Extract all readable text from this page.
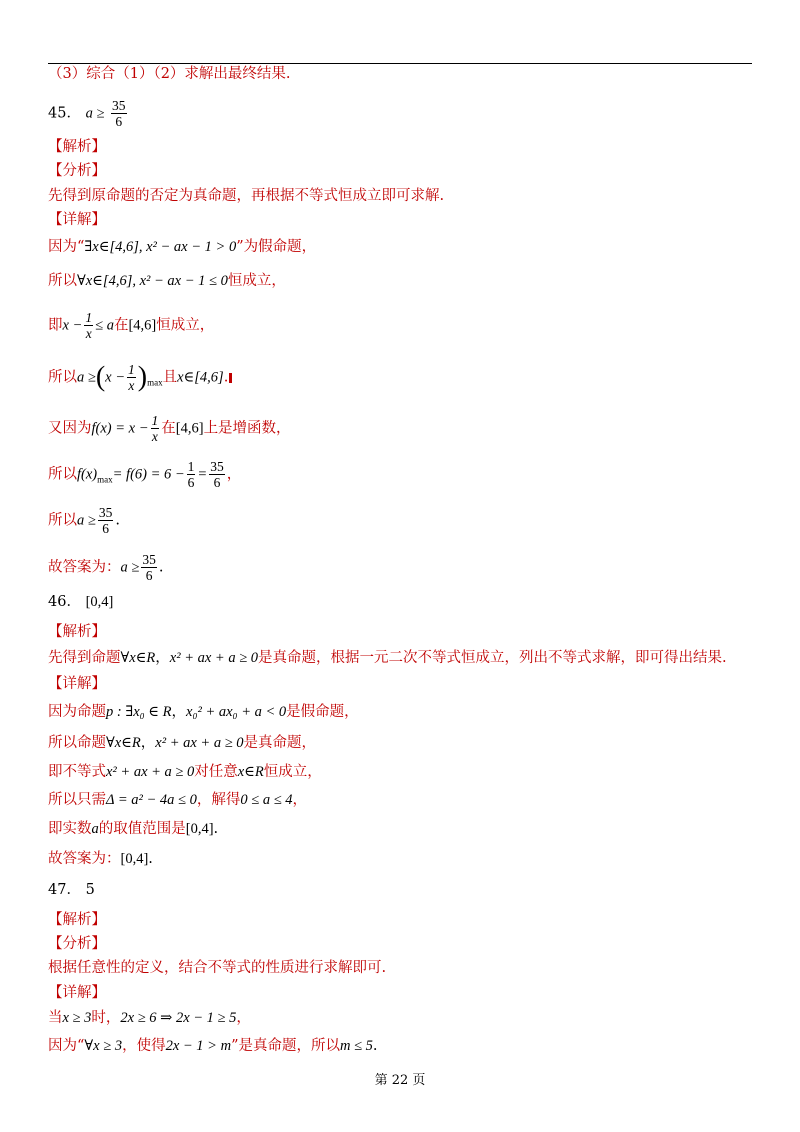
（3）综合（1）（2）求解出最终结果.
45． $a \ge \frac{35}{6}$
【解析】
【分析】
先得到原命题的否定为真命题，再根据不等式恒成立即可求解.
【详解】
因为“∃x∈[4,6], x² − ax − 1 > 0”为假命题，
所以∀x∈[4,6], x² − ax − 1 ≤ 0恒成立，
即$x - \frac{1}{x} \le a$在[4,6]恒成立，
所以$a \ge(x - \frac{1}{x} )_{max}$且x∈[4,6].
又因为$f(x) = x - \frac{1}{x}$ 在[4,6]上是增函数，
所以$f(x)_{max}= f(6) = 6 - \frac{1}{6} = \frac{35}{6}$ ，
所以$a \ge \frac{35}{6}$ .
故答案为：$a \ge \frac{35}{6}$ .
46． [0,4]
【解析】
先得到命题∀x∈R，x² + ax + a ≥ 0是真命题，根据一元二次不等式恒成立，列出不等式求解，即可得出结果.
【详解】
因为命题p : ∃x₀ ∈ R，x₀² + ax₀ + a < 0是假命题，
所以命题∀x∈R，x² + ax + a ≥ 0是真命题，
即不等式x² + ax + a ≥ 0对任意x∈R恒成立，
所以只需Δ = a² − 4a ≤ 0，解得0 ≤ a ≤ 4，
即实数a的取值范围是[0,4].
故答案为：[0,4].
47． 5
【解析】
【分析】
根据任意性的定义，结合不等式的性质进行求解即可.
【详解】
当x ≥ 3时，2x ≥ 6 ⇒ 2x − 1 ≥ 5，
因为“∀x ≥ 3，使得2x − 1 > m”是真命题，所以m ≤ 5.
第 22 页
